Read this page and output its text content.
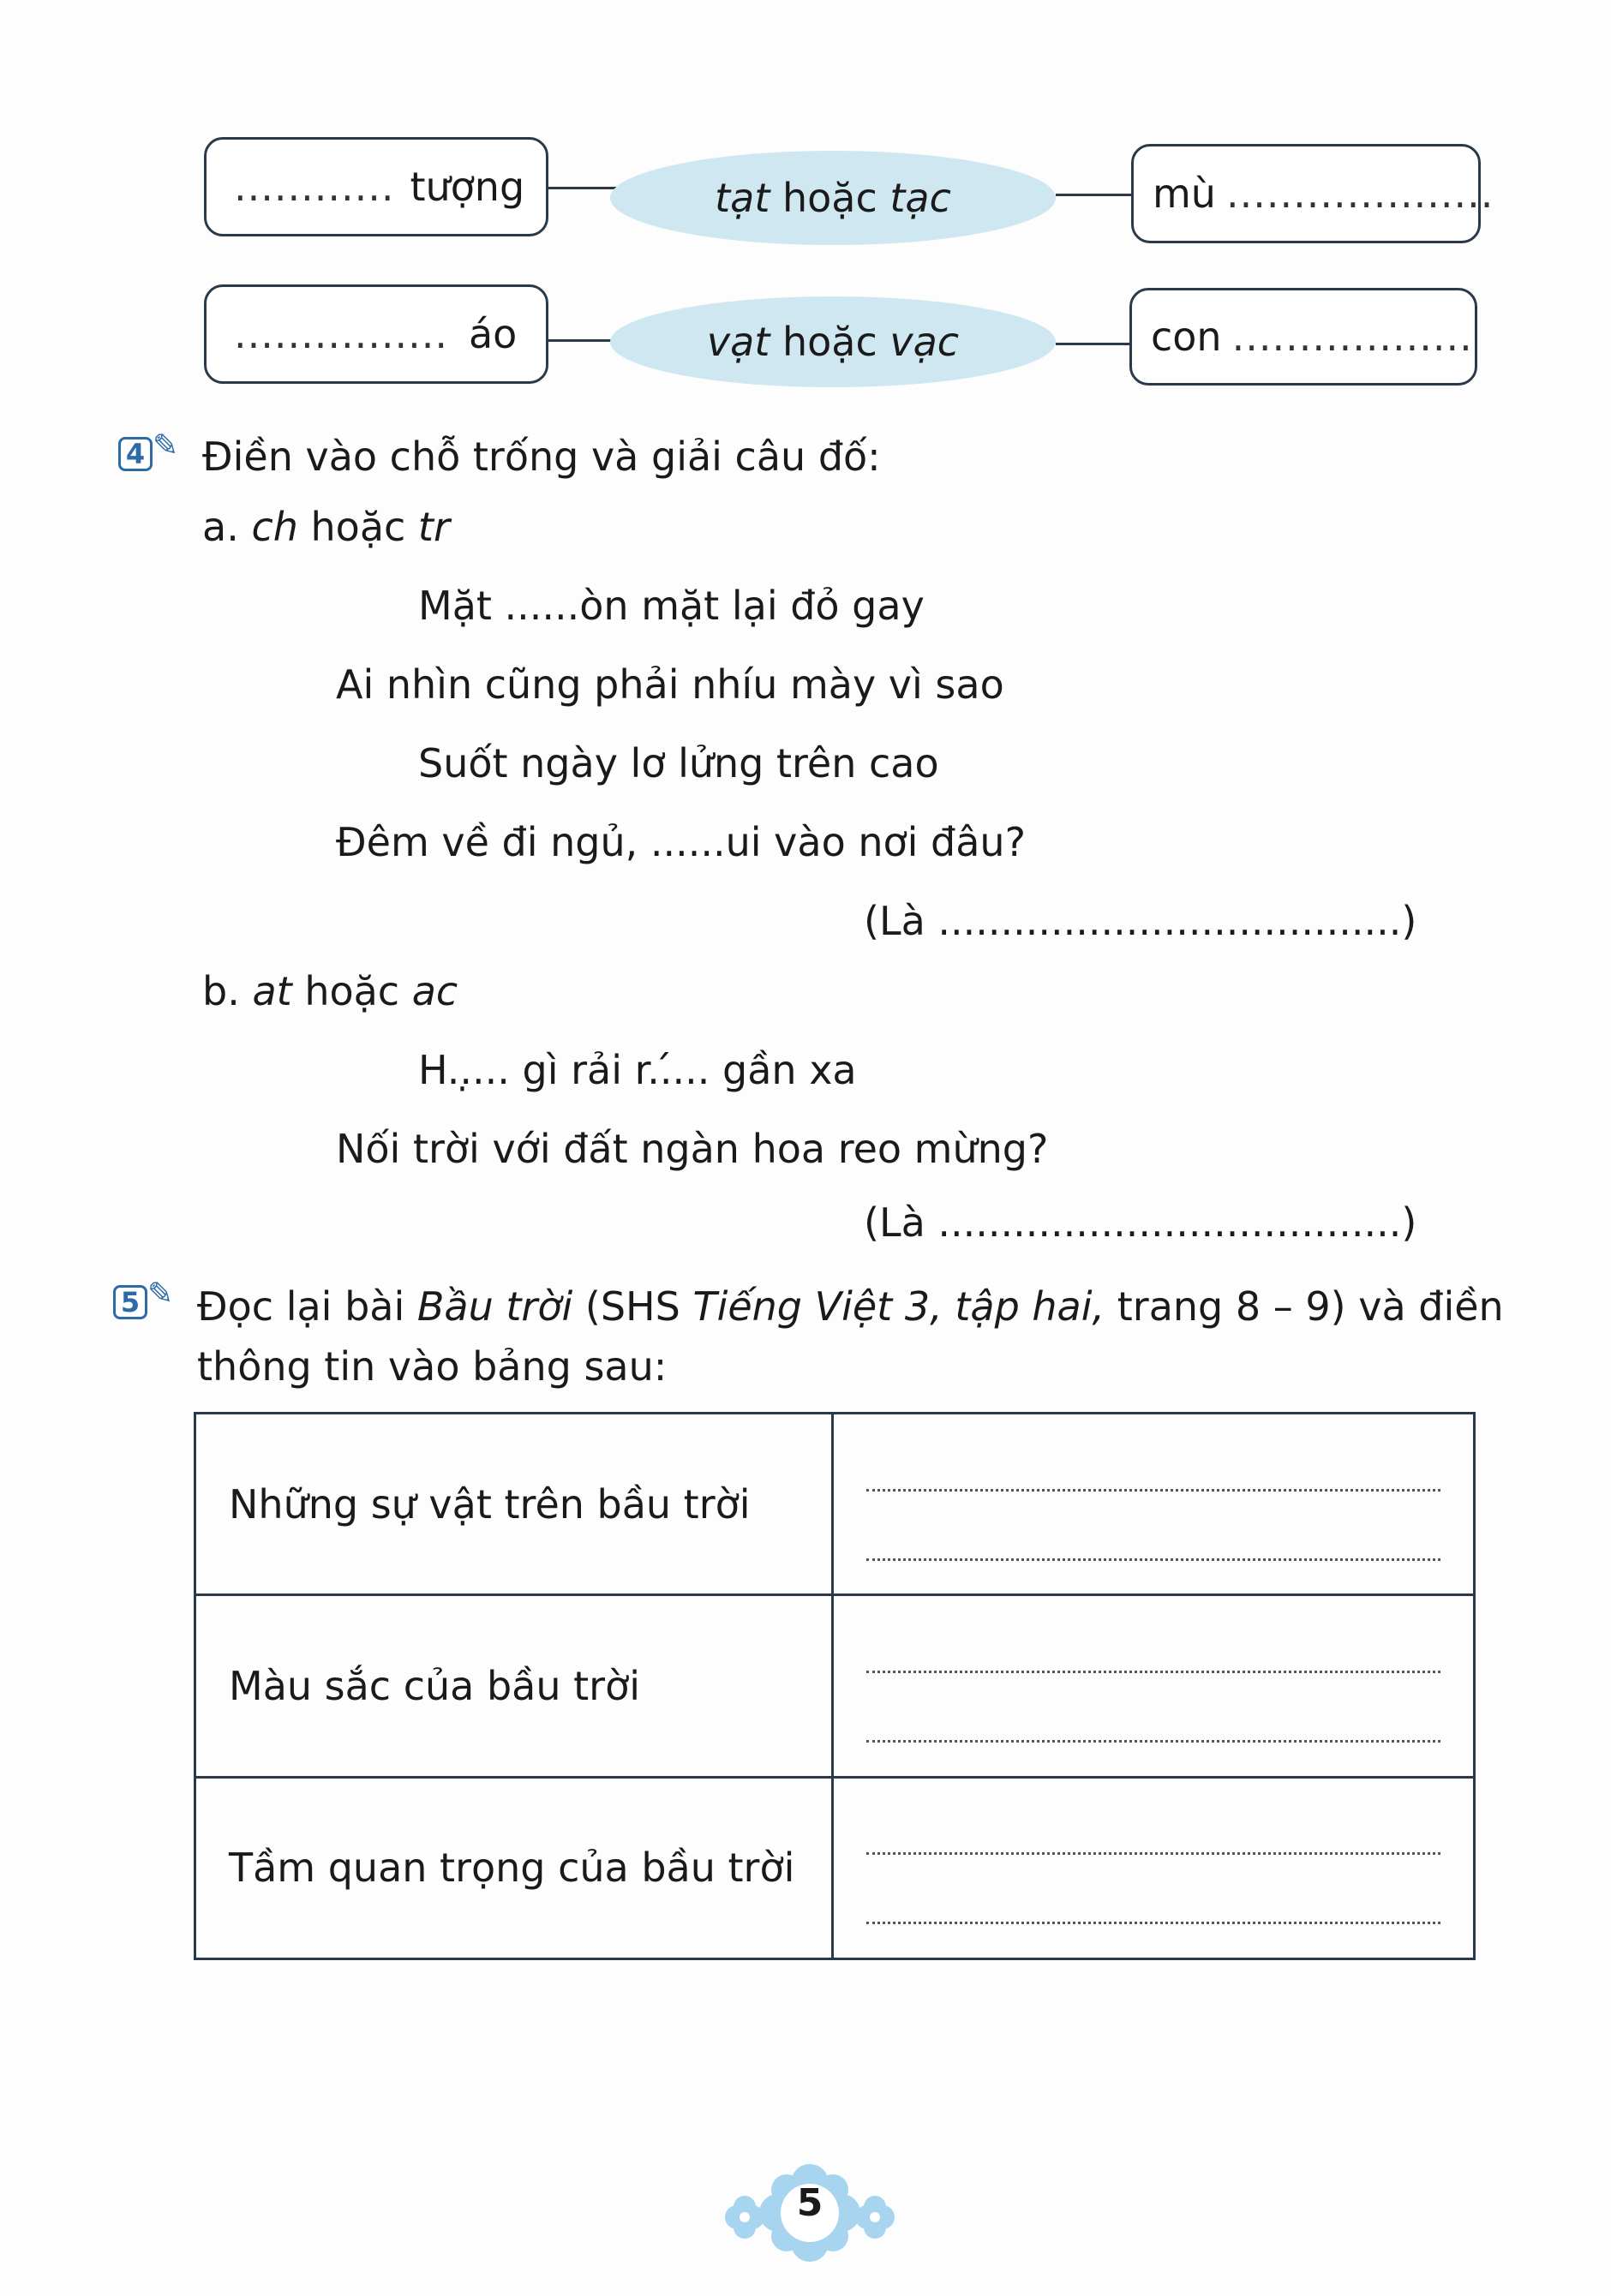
............ tượng	tạt hoặc tạc	mù ....................
................ áo	vạt hoặc vạc	con ..................
4 ✎ Điền vào chỗ trống và giải câu đố:
a. ch hoặc tr
Mặt ......òn mặt lại đỏ gay
Ai nhìn cũng phải nhíu mày vì sao
Suốt ngày lơ lửng trên cao
Đêm về đi ngủ, ......ui vào nơi đâu?
(Là .....................................)
b. at hoặc ac
H..̣... gì rải r..́... gần xa
Nối trời với đất ngàn hoa reo mừng?
(Là .....................................)
5 ✎ Đọc lại bài Bầu trời (SHS Tiếng Việt 3, tập hai, trang 8 – 9) và điền
thông tin vào bảng sau:
Những sự vật trên bầu trời	

Màu sắc của bầu trời	

Tầm quan trọng của bầu trời	
5
